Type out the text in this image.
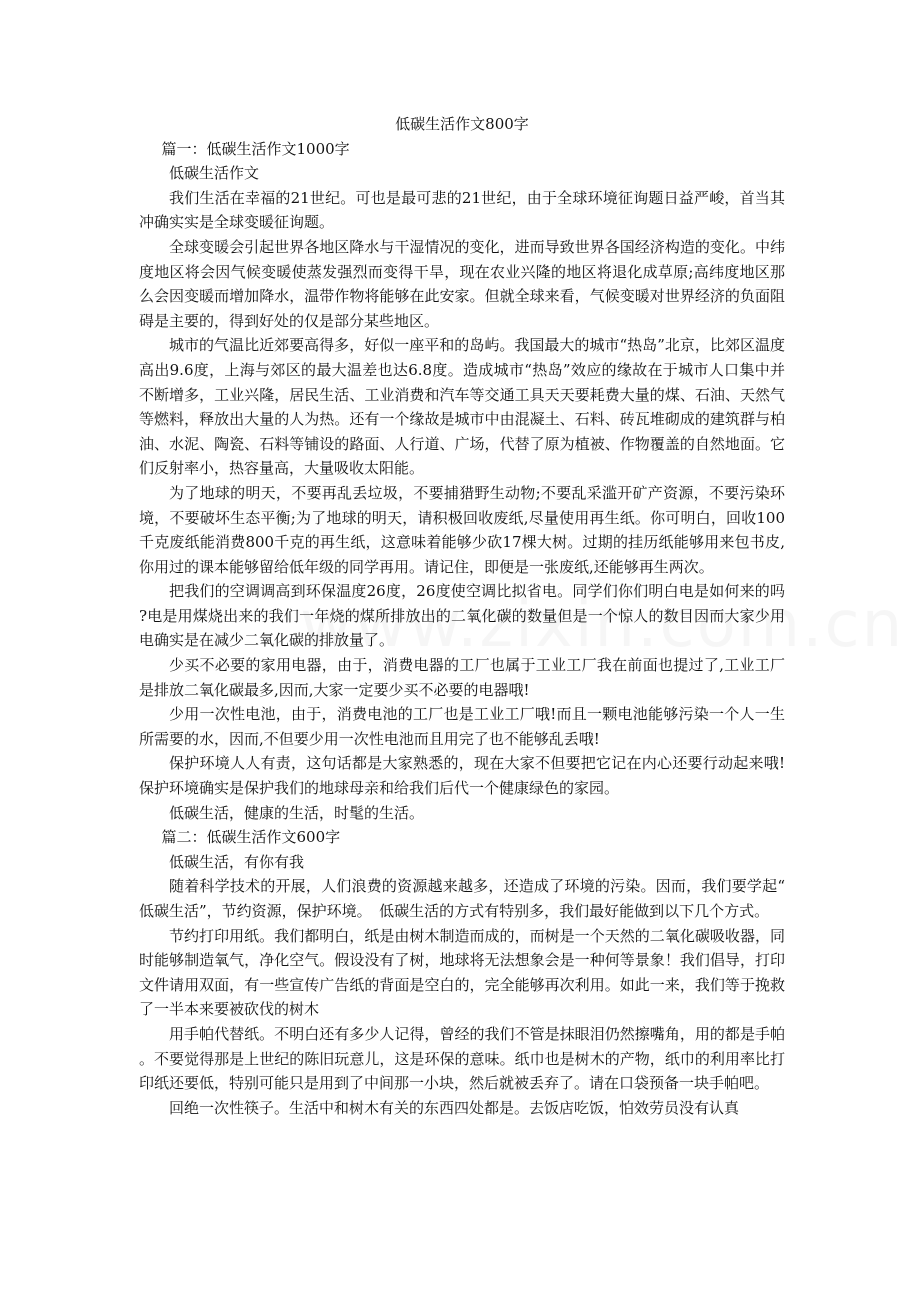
低碳生活作文800字

篇一：低碳生活作文1000字

低碳生活作文

我们生活在幸福的21世纪。可也是最可悲的21世纪，由于全球环境征询题日益严峻，首当其冲确实实是全球变暖征询题。

全球变暖会引起世界各地区降水与干湿情况的变化，进而导致世界各国经济构造的变化。中纬度地区将会因气候变暖使蒸发强烈而变得干旱，现在农业兴隆的地区将退化成草原;高纬度地区那么会因变暖而增加降水，温带作物将能够在此安家。但就全球来看，气候变暖对世界经济的负面阻碍是主要的，得到好处的仅是部分某些地区。

城市的气温比近郊要高得多，好似一座平和的岛屿。我国最大的城市“热岛”北京，比郊区温度高出9.6度，上海与郊区的最大温差也达6.8度。造成城市“热岛”效应的缘故在于城市人口集中并不断增多，工业兴隆，居民生活、工业消费和汽车等交通工具天天要耗费大量的煤、石油、天然气等燃料，释放出大量的人为热。还有一个缘故是城市中由混凝土、石料、砖瓦堆砌成的建筑群与柏油、水泥、陶瓷、石料等铺设的路面、人行道、广场，代替了原为植被、作物覆盖的自然地面。它们反射率小，热容量高，大量吸收太阳能。

为了地球的明天，不要再乱丢垃圾，不要捕猎野生动物;不要乱采滥开矿产资源，不要污染环境，不要破坏生态平衡;为了地球的明天，请积极回收废纸,尽量使用再生纸。你可明白，回收100千克废纸能消费800千克的再生纸，这意味着能够少砍17棵大树。过期的挂历纸能够用来包书皮,你用过的课本能够留给低年级的同学再用。请记住，即便是一张废纸,还能够再生两次。

把我们的空调调高到环保温度26度，26度使空调比拟省电。同学们你们明白电是如何来的吗?电是用煤烧出来的我们一年烧的煤所排放出的二氧化碳的数量但是一个惊人的数目因而大家少用电确实是在减少二氧化碳的排放量了。

少买不必要的家用电器，由于，消费电器的工厂也属于工业工厂我在前面也提过了,工业工厂是排放二氧化碳最多,因而,大家一定要少买不必要的电器哦!

少用一次性电池，由于，消费电池的工厂也是工业工厂哦!而且一颗电池能够污染一个人一生所需要的水，因而,不但要少用一次性电池而且用完了也不能够乱丢哦!

保护环境人人有责，这句话都是大家熟悉的，现在大家不但要把它记在内心还要行动起来哦!保护环境确实是保护我们的地球母亲和给我们后代一个健康绿色的家园。

低碳生活，健康的生活，时髦的生活。

篇二：低碳生活作文600字

低碳生活，有你有我

随着科学技术的开展，人们浪费的资源越来越多，还造成了环境的污染。因而，我们要学起“低碳生活”，节约资源，保护环境。　低碳生活的方式有特别多，我们最好能做到以下几个方式。

节约打印用纸。我们都明白，纸是由树木制造而成的，而树是一个天然的二氧化碳吸收器，同时能够制造氧气，净化空气。假设没有了树，地球将无法想象会是一种何等景象！我们倡导，打印文件请用双面，有一些宣传广告纸的背面是空白的，完全能够再次利用。如此一来，我们等于挽救了一半本来要被砍伐的树木

用手帕代替纸。不明白还有多少人记得，曾经的我们不管是抹眼泪仍然擦嘴角，用的都是手帕。不要觉得那是上世纪的陈旧玩意儿，这是环保的意味。纸巾也是树木的产物，纸巾的利用率比打印纸还要低，特别可能只是用到了中间那一小块，然后就被丢弃了。请在口袋预备一块手帕吧。

回绝一次性筷子。生活中和树木有关的东西四处都是。去饭店吃饭，怕效劳员没有认真
